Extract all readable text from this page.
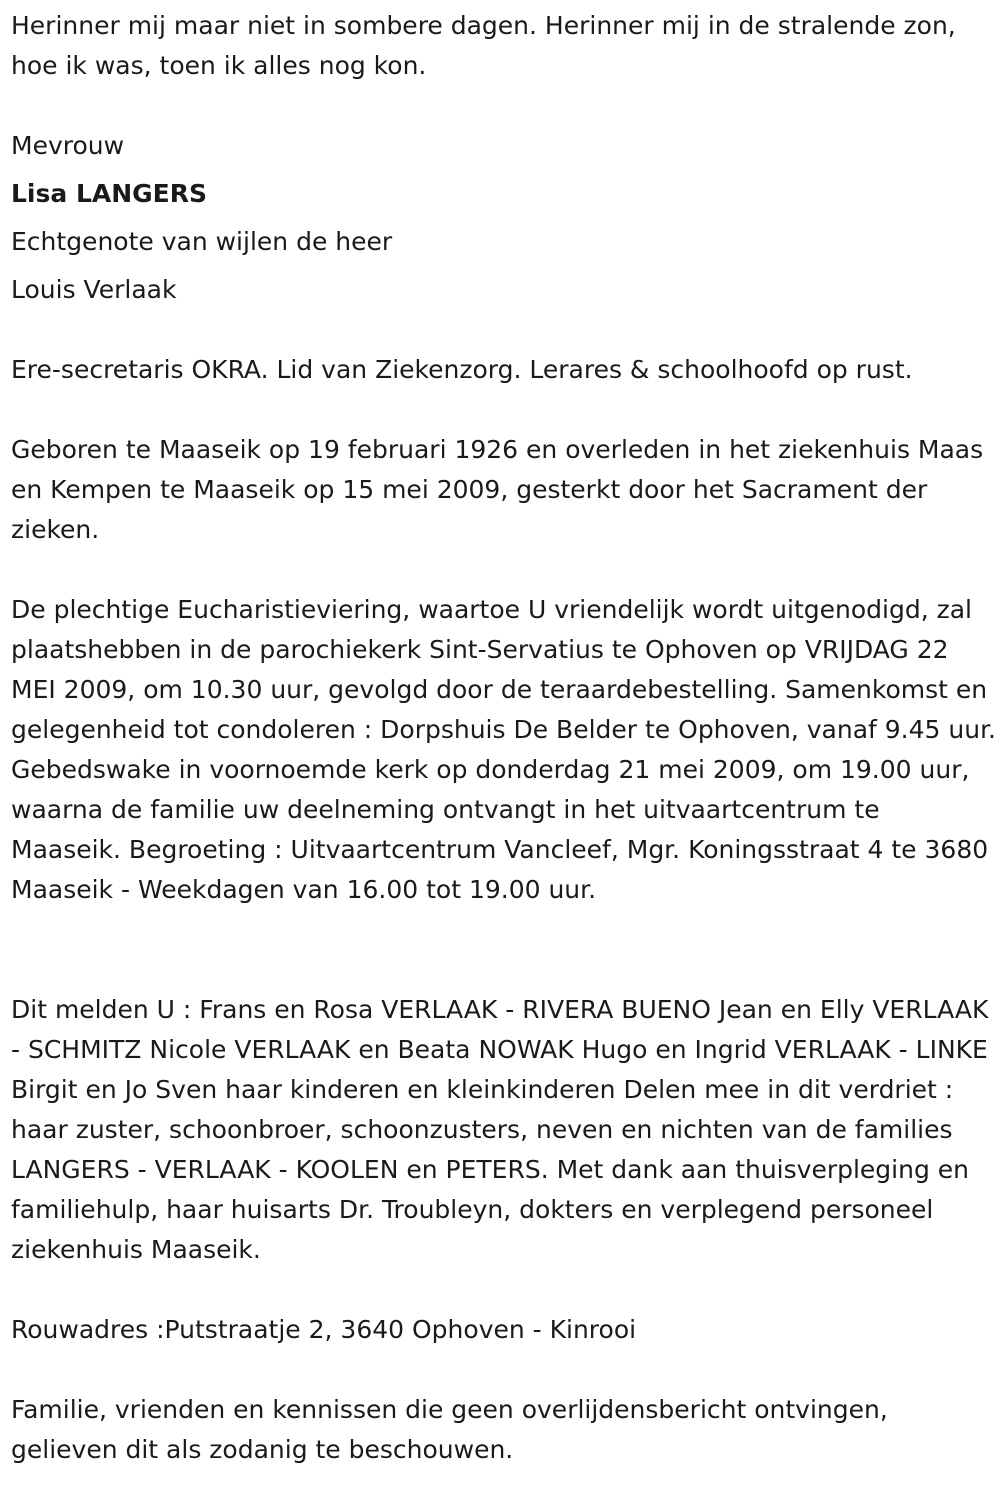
Herinner mij maar niet in sombere dagen. Herinner mij in de stralende zon, hoe ik was, toen ik alles nog kon.

Mevrouw

Lisa LANGERS

Echtgenote van wijlen de heer

Louis Verlaak

Ere-secretaris OKRA. Lid van Ziekenzorg. Lerares & schoolhoofd op rust.

Geboren te Maaseik op 19 februari 1926 en overleden in het ziekenhuis Maas en Kempen te Maaseik op 15 mei 2009, gesterkt door het Sacrament der zieken.

De plechtige Eucharistieviering, waartoe U vriendelijk wordt uitgenodigd, zal plaatshebben in de parochiekerk Sint-Servatius te Ophoven op VRIJDAG 22 MEI 2009, om 10.30 uur, gevolgd door de teraardebestelling. Samenkomst en gelegenheid tot condoleren : Dorpshuis De Belder te Ophoven, vanaf 9.45 uur. Gebedswake in voornoemde kerk op donderdag 21 mei 2009, om 19.00 uur, waarna de familie uw deelneming ontvangt in het uitvaartcentrum te Maaseik. Begroeting : Uitvaartcentrum Vancleef, Mgr. Koningsstraat 4 te 3680 Maaseik - Weekdagen van 16.00 tot 19.00 uur.

Dit melden U : Frans en Rosa VERLAAK - RIVERA BUENO Jean en Elly VERLAAK - SCHMITZ Nicole VERLAAK en Beata NOWAK Hugo en Ingrid VERLAAK - LINKE Birgit en Jo Sven haar kinderen en kleinkinderen Delen mee in dit verdriet : haar zuster, schoonbroer, schoonzusters, neven en nichten van de families LANGERS - VERLAAK - KOOLEN en PETERS. Met dank aan thuisverpleging en familiehulp, haar huisarts Dr. Troubleyn, dokters en verplegend personeel ziekenhuis Maaseik.

Rouwadres :Putstraatje 2, 3640 Ophoven - Kinrooi

Familie, vrienden en kennissen die geen overlijdensbericht ontvingen, gelieven dit als zodanig te beschouwen.
